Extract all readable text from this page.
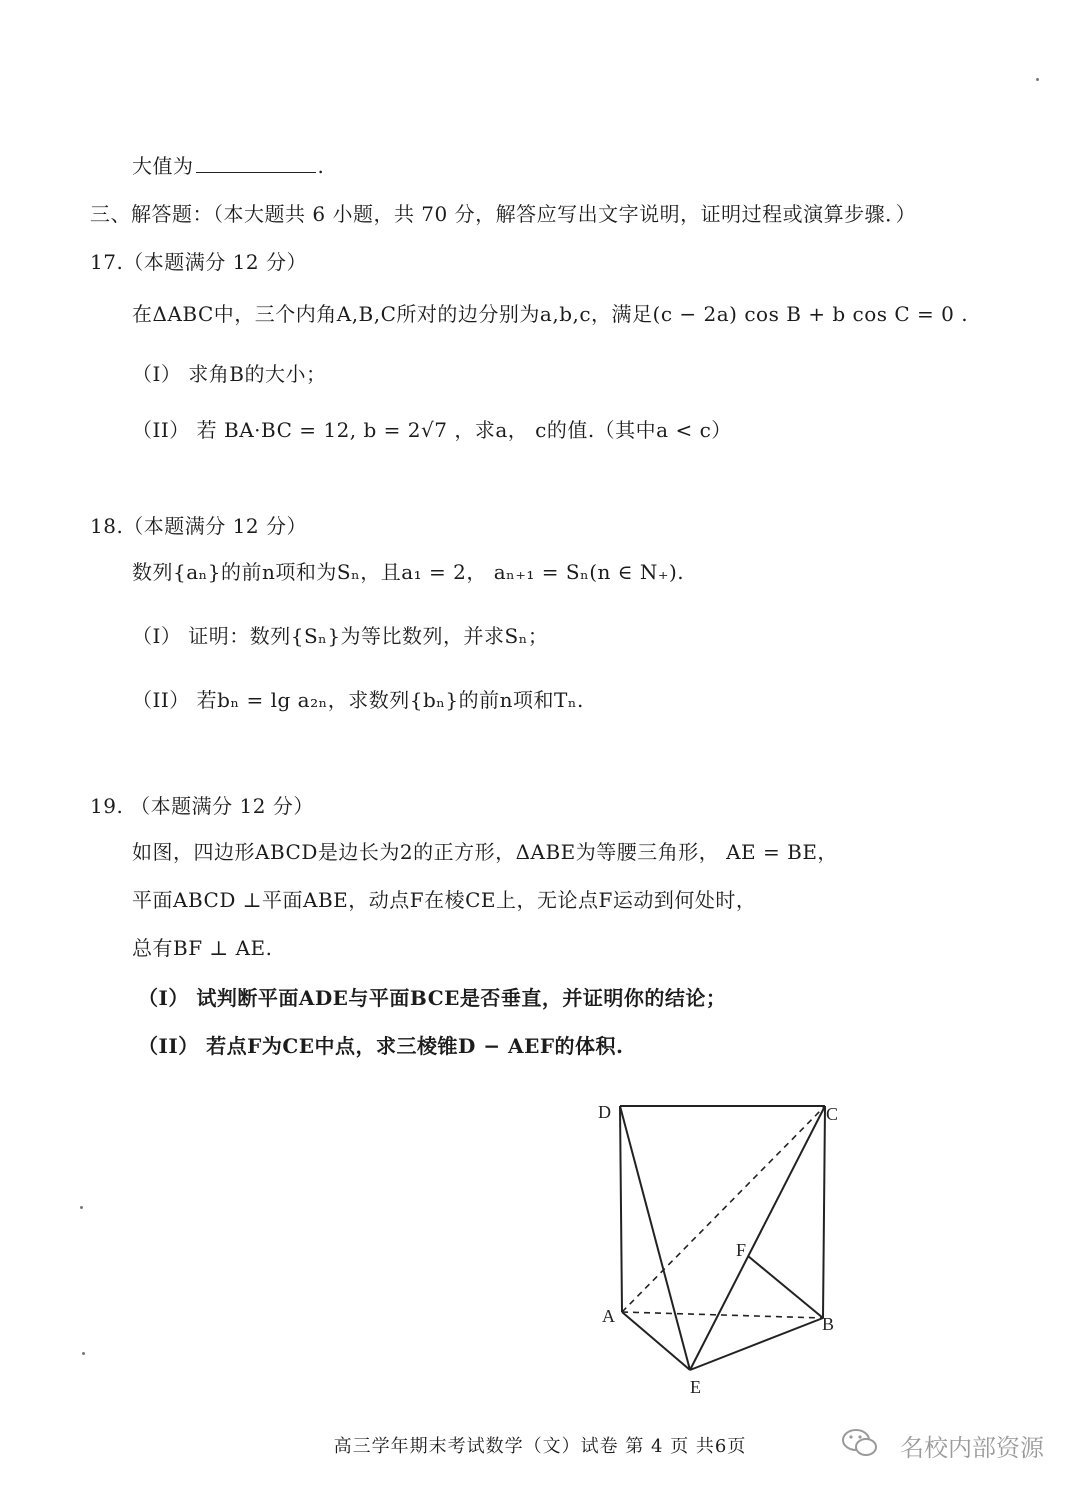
大值为	.
三、解答题：（本大题共 6 小题，共 70 分，解答应写出文字说明，证明过程或演算步骤．）
17.（本题满分 12 分）
在ΔABC中，三个内角A,B,C所对的边分别为a,b,c，满足(c − 2a) cos B + b cos C = 0 .
（I） 求角B的大小；
（II） 若 BA·BC = 12, b = 2√7 ，求a， c的值.（其中a < c）
18.（本题满分 12 分）
数列{aₙ}的前n项和为Sₙ，且a₁ = 2， aₙ₊₁ = Sₙ(n ∈ N₊).
（I） 证明：数列{Sₙ}为等比数列，并求Sₙ；
（II） 若bₙ = lg a₂ₙ，求数列{bₙ}的前n项和Tₙ.
19. （本题满分 12 分）
如图，四边形ABCD是边长为2的正方形，ΔABE为等腰三角形， AE = BE，
平面ABCD ⊥平面ABE，动点F在棱CE上，无论点F运动到何处时，
总有BF ⊥ AE.
（I） 试判断平面ADE与平面BCE是否垂直，并证明你的结论；
（II） 若点F为CE中点，求三棱锥D − AEF的体积.
D	C
F
A	B
E
高三学年期末考试数学（文）试卷 第 4 页 共6页	名校内部资源
